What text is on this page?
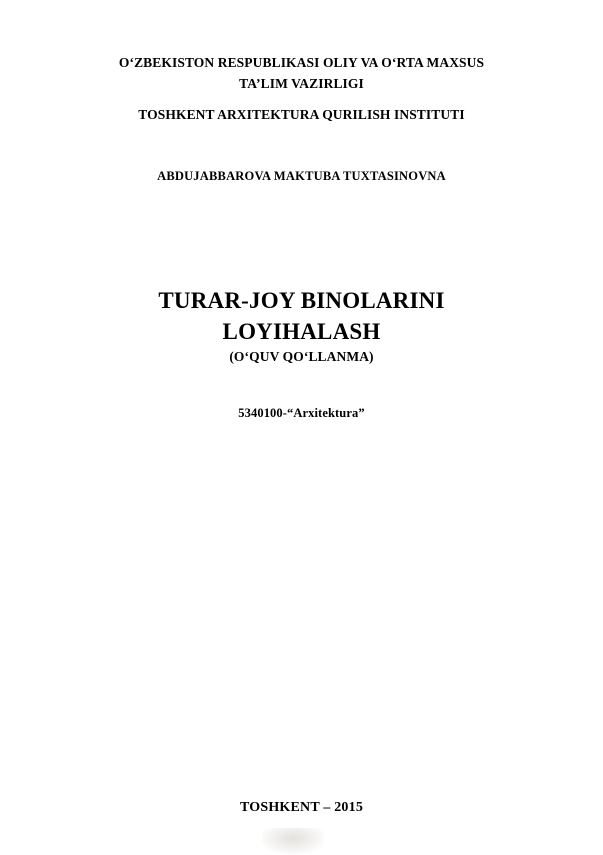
O‘ZBEKISTON RESPUBLIKASI OLIY VA O‘RTA MAXSUS
TA’LIM VAZIRLIGI
TOSHKENT ARXITEKTURA QURILISH INSTITUTI
ABDUJABBAROVA MAKTUBA TUXTASINOVNA
TURAR-JOY BINOLARINI
LOYIHALASH
(O‘QUV QO‘LLANMA)
5340100-“Arxitektura”
TOSHKENT – 2015
